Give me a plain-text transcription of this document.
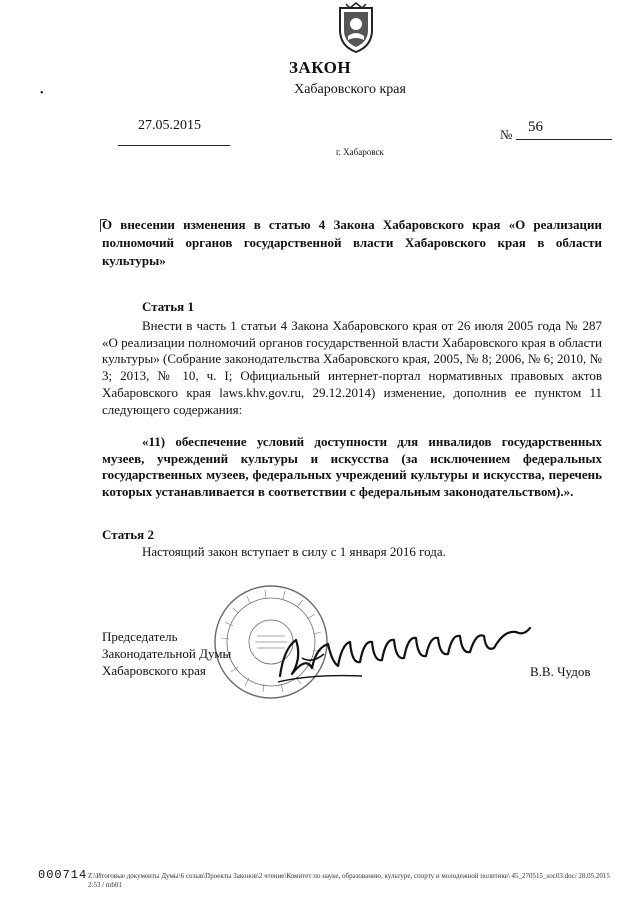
ЗАКОН
Хабаровского края
27.05.2015
№ 56
г. Хабаровск
•
О внесении изменения в статью 4 Закона Хабаровского края «О реализации полномочий органов государственной власти Хабаровского края в области культуры»
Статья 1
Внести в часть 1 статьи 4 Закона Хабаровского края от 26 июля 2005 года № 287 «О реализации полномочий органов государственной власти Хабаровского края в области культуры» (Собрание законодательства Хабаровского края, 2005, № 8; 2006, № 6; 2010, № 3; 2013, № 10, ч. I; Официальный интернет-портал нормативных правовых актов Хабаровского края laws.khv.gov.ru, 29.12.2014) изменение, дополнив ее пунктом 11 следующего содержания:
«11) обеспечение условий доступности для инвалидов государственных музеев, учреждений культуры и искусства (за исключением федеральных государственных музеев, федеральных учреждений культуры и искусства, перечень которых устанавливается в соответствии с федеральным законодательством).».
Статья 2
Настоящий закон вступает в силу с 1 января 2016 года.
Председатель
Законодательной Думы
Хабаровского края	В.В. Чудов
000714 Z:\Итоговые документы Думы\6 созыв\Проекты Законов\2 чтение\Комитет по науке, образованию, культуре, спорту и молодежной политике\ 45_270515_soc03.doc/ 28.05.2015 2:53 / mb01
